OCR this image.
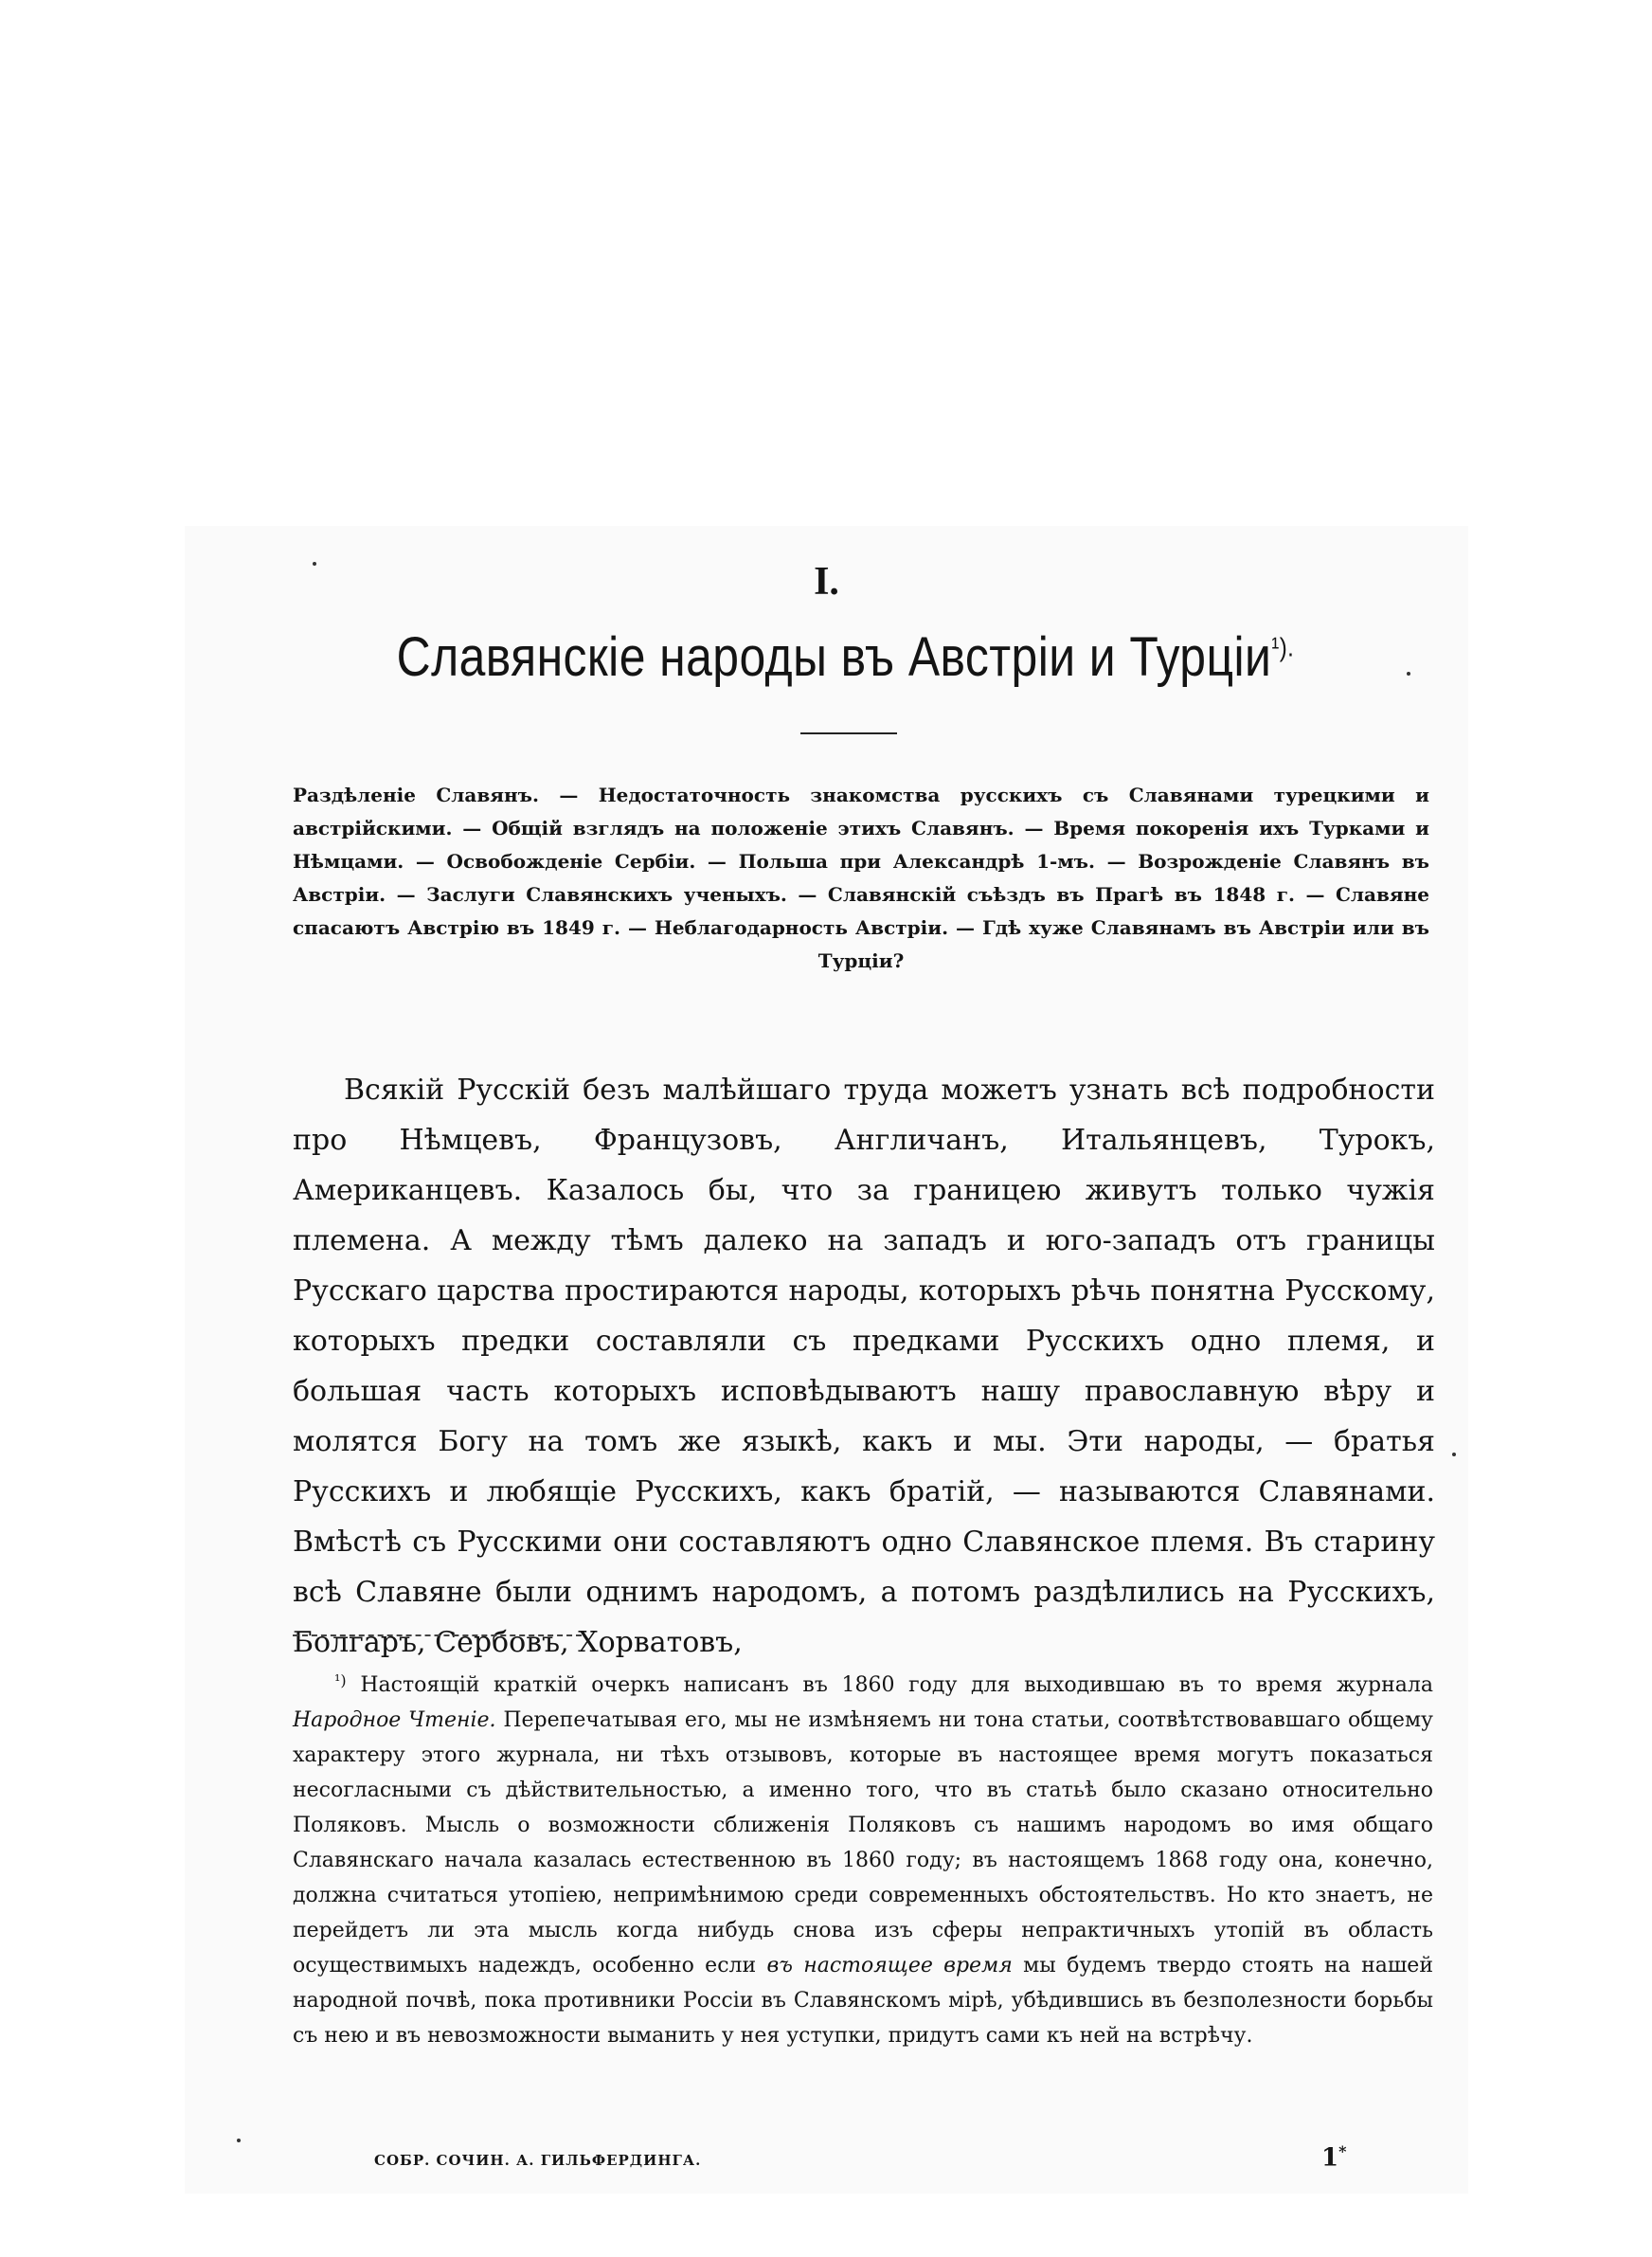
I.
Славянскіе народы въ Австріи и Турціи$^{^1).}$

Раздѣленіе Славянъ. — Недостаточность знакомства русскихъ съ Славянами турецкими и австрійскими. — Общій взглядъ на положеніе этихъ Славянъ. — Время покоренія ихъ Турками и Нѣмцами. — Освобожденіе Сербіи. — Польша при Александрѣ 1-мъ. — Возрожденіе Славянъ въ Австріи. — Заслуги Славянскихъ ученыхъ. — Славянскій съѣздъ въ Прагѣ въ 1848 г. — Славяне спасаютъ Австрію въ 1849 г. — Неблагодарность Австріи. — Гдѣ хуже Славянамъ въ Австріи или въ Турціи?

Всякій Русскій безъ малѣйшаго труда можетъ узнать всѣ подробности про Нѣмцевъ, Французовъ, Англичанъ, Итальянцевъ, Турокъ, Американцевъ. Казалось бы, что за границею живутъ только чужія племена. А между тѣмъ далеко на западъ и юго-западъ отъ границы Русскаго царства простираются народы, которыхъ рѣчь понятна Русскому, которыхъ предки составляли съ предками Русскихъ одно племя, и большая часть которыхъ исповѣдываютъ нашу православную вѣру и молятся Богу на томъ же языкѣ, какъ и мы. Эти народы, — братья Русскихъ и любящіе Русскихъ, какъ братій, — называются Славянами. Вмѣстѣ съ Русскими они составляютъ одно Славянское племя. Въ старину всѣ Славяне были однимъ народомъ, а потомъ раздѣлились на Русскихъ, Болгаръ, Сербовъ, Хорватовъ,

$^{^1)}$ Настоящій краткій очеркъ написанъ въ 1860 году для выходившаю въ то время журнала Народное Чтеніе. Перепечатывая его, мы не измѣняемъ ни тона статьи, соотвѣтствовавшаго общему характеру этого журнала, ни тѣхъ отзывовъ, которые въ настоящее время могутъ показаться несогласными съ дѣйствительностью, а именно того, что въ статьѣ было сказано относительно Поляковъ. Мысль о возможности сближенія Поляковъ съ нашимъ народомъ во имя общаго Славянскаго начала казалась естественною въ 1860 году; въ настоящемъ 1868 году она, конечно, должна считаться утопіею, непримѣнимою среди современныхъ обстоятельствъ. Но кто знаетъ, не перейдетъ ли эта мысль когда нибудь снова изъ сферы непрактичныхъ утопій въ область осуществимыхъ надеждъ, особенно если въ настоящее время мы будемъ твердо стоять на нашей народной почвѣ, пока противники Россіи въ Славянскомъ мірѣ, убѣдившись въ безполезности борьбы съ нею и въ невозможности выманить у нея уступки, придутъ сами къ ней на встрѣчу.

СОБР. СОЧИН. А. ГИЛЬФЕРДИНГА.	1*
